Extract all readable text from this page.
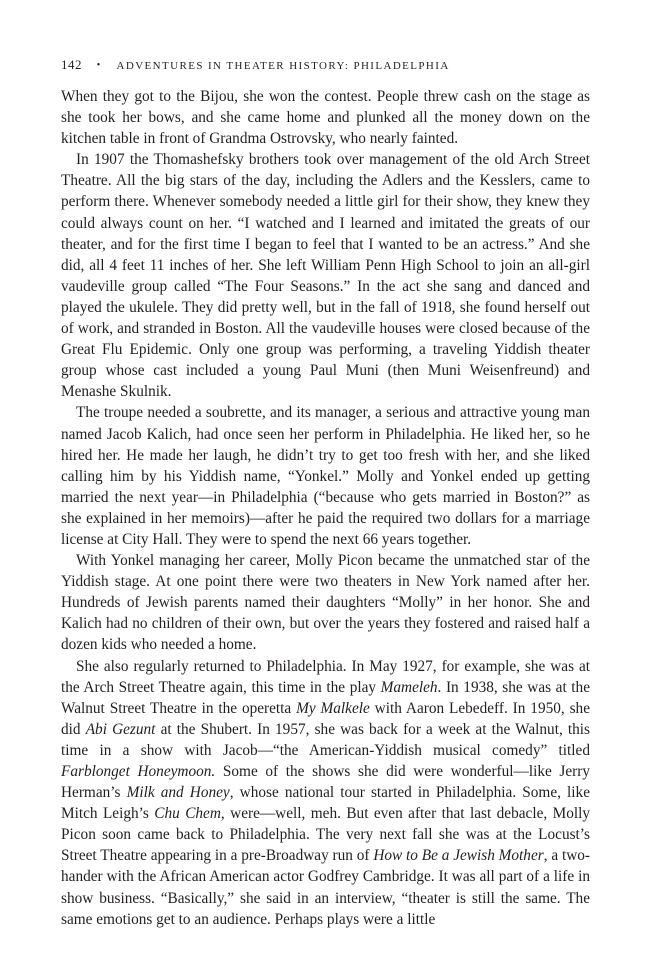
142 • ADVENTURES IN THEATER HISTORY: PHILADELPHIA

When they got to the Bijou, she won the contest. People threw cash on the stage as she took her bows, and she came home and plunked all the money down on the kitchen table in front of Grandma Ostrovsky, who nearly fainted.

In 1907 the Thomashefsky brothers took over management of the old Arch Street Theatre. All the big stars of the day, including the Adlers and the Kesslers, came to perform there. Whenever somebody needed a little girl for their show, they knew they could always count on her. “I watched and I learned and imitated the greats of our theater, and for the first time I began to feel that I wanted to be an actress.” And she did, all 4 feet 11 inches of her. She left William Penn High School to join an all-girl vaudeville group called “The Four Seasons.” In the act she sang and danced and played the ukulele. They did pretty well, but in the fall of 1918, she found herself out of work, and stranded in Boston. All the vaudeville houses were closed because of the Great Flu Epidemic. Only one group was performing, a traveling Yiddish theater group whose cast included a young Paul Muni (then Muni Weisenfreund) and Menashe Skulnik.

The troupe needed a soubrette, and its manager, a serious and attractive young man named Jacob Kalich, had once seen her perform in Philadelphia. He liked her, so he hired her. He made her laugh, he didn’t try to get too fresh with her, and she liked calling him by his Yiddish name, “Yonkel.” Molly and Yonkel ended up getting married the next year—in Philadelphia (“because who gets married in Boston?” as she explained in her memoirs)—after he paid the required two dollars for a marriage license at City Hall. They were to spend the next 66 years together.

With Yonkel managing her career, Molly Picon became the unmatched star of the Yiddish stage. At one point there were two theaters in New York named after her. Hundreds of Jewish parents named their daughters “Molly” in her honor. She and Kalich had no children of their own, but over the years they fostered and raised half a dozen kids who needed a home.

She also regularly returned to Philadelphia. In May 1927, for example, she was at the Arch Street Theatre again, this time in the play Mameleh. In 1938, she was at the Walnut Street Theatre in the operetta My Malkele with Aaron Lebedeff. In 1950, she did Abi Gezunt at the Shubert. In 1957, she was back for a week at the Walnut, this time in a show with Jacob—“the American-Yiddish musical comedy” titled Farblonget Honeymoon. Some of the shows she did were wonderful—like Jerry Herman’s Milk and Honey, whose national tour started in Philadelphia. Some, like Mitch Leigh’s Chu Chem, were—well, meh. But even after that last debacle, Molly Picon soon came back to Philadelphia. The very next fall she was at the Locust’s Street Theatre appearing in a pre-Broadway run of How to Be a Jewish Mother, a two-hander with the African American actor Godfrey Cambridge. It was all part of a life in show business. “Basically,” she said in an interview, “theater is still the same. The same emotions get to an audience. Perhaps plays were a little
